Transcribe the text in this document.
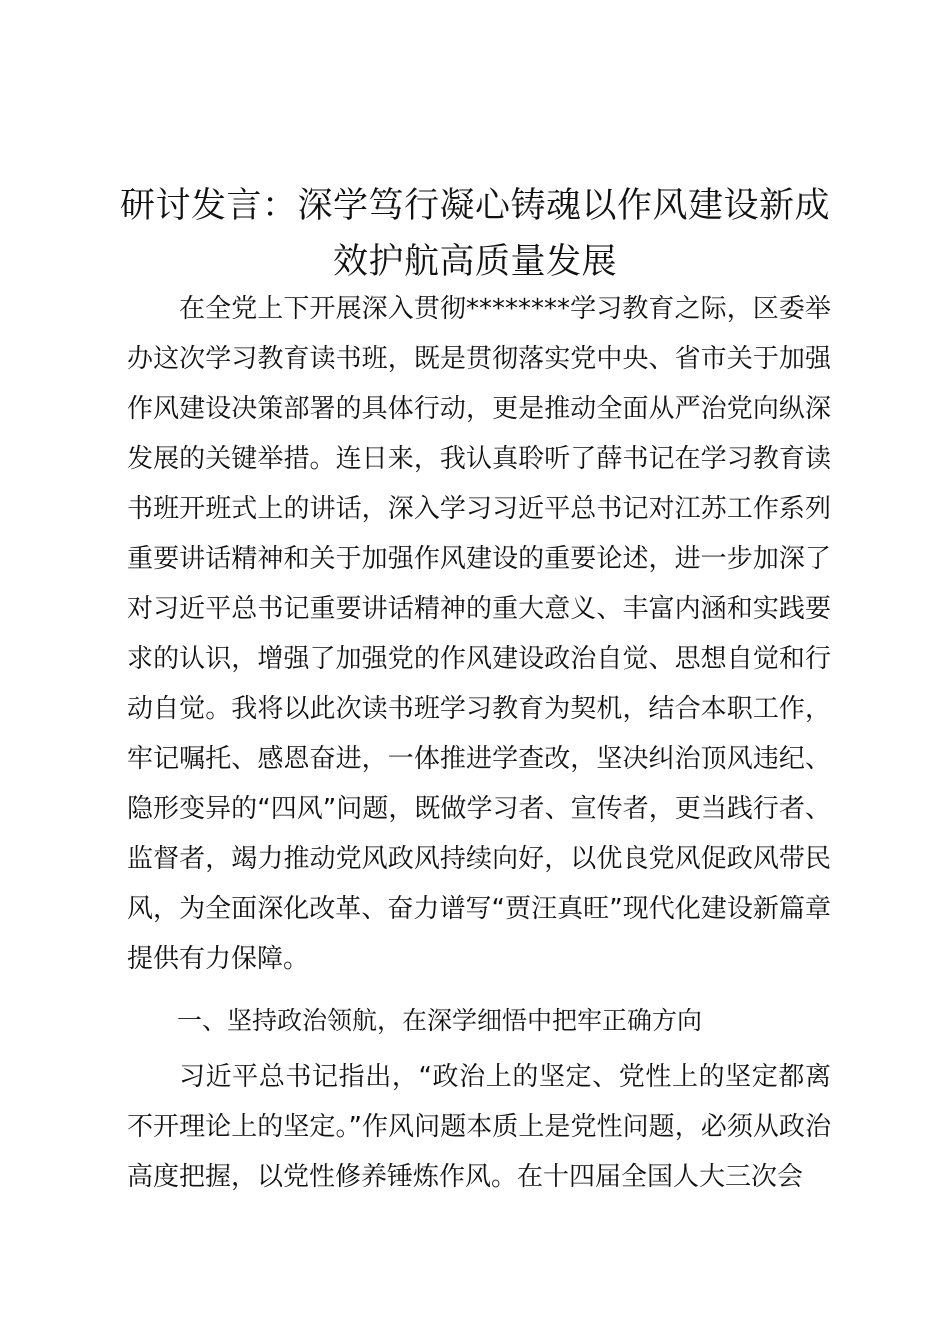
研讨发言：深学笃行凝心铸魂以作风建设新成
效护航高质量发展

在全党上下开展深入贯彻********学习教育之际，区委举办这次学习教育读书班，既是贯彻落实党中央、省市关于加强作风建设决策部署的具体行动，更是推动全面从严治党向纵深发展的关键举措。连日来，我认真聆听了薛书记在学习教育读书班开班式上的讲话，深入学习习近平总书记对江苏工作系列重要讲话精神和关于加强作风建设的重要论述，进一步加深了对习近平总书记重要讲话精神的重大意义、丰富内涵和实践要求的认识，增强了加强党的作风建设政治自觉、思想自觉和行动自觉。我将以此次读书班学习教育为契机，结合本职工作，牢记嘱托、感恩奋进，一体推进学查改，坚决纠治顶风违纪、隐形变异的“四风”问题，既做学习者、宣传者，更当践行者、监督者，竭力推动党风政风持续向好，以优良党风促政风带民风，为全面深化改革、奋力谱写“贾汪真旺”现代化建设新篇章提供有力保障。

一、坚持政治领航，在深学细悟中把牢正确方向

习近平总书记指出，“政治上的坚定、党性上的坚定都离不开理论上的坚定。”作风问题本质上是党性问题，必须从政治高度把握，以党性修养锤炼作风。在十四届全国人大三次会
